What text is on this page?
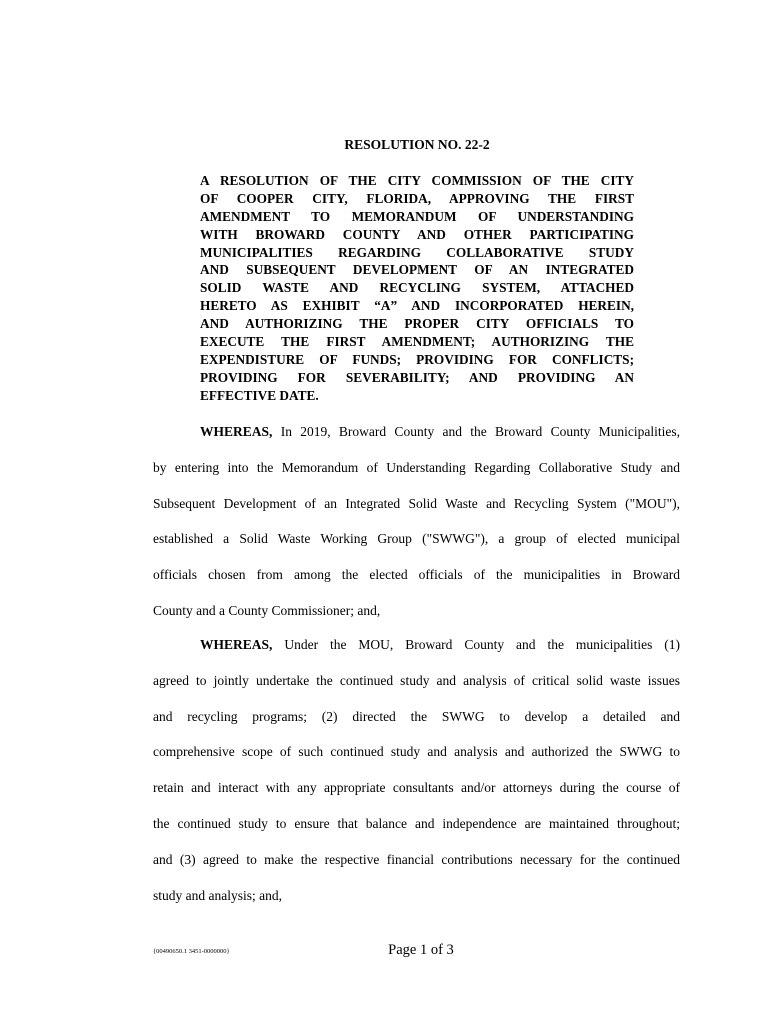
RESOLUTION NO. 22-2
A RESOLUTION OF THE CITY COMMISSION OF THE CITY
OF COOPER CITY, FLORIDA, APPROVING THE FIRST
AMENDMENT TO MEMORANDUM OF UNDERSTANDING
WITH BROWARD COUNTY AND OTHER PARTICIPATING
MUNICIPALITIES REGARDING COLLABORATIVE STUDY
AND SUBSEQUENT DEVELOPMENT OF AN INTEGRATED
SOLID WASTE AND RECYCLING SYSTEM, ATTACHED
HERETO AS EXHIBIT “A” AND INCORPORATED HEREIN,
AND AUTHORIZING THE PROPER CITY OFFICIALS TO
EXECUTE THE FIRST AMENDMENT; AUTHORIZING THE
EXPENDISTURE OF FUNDS; PROVIDING FOR CONFLICTS;
PROVIDING FOR SEVERABILITY; AND PROVIDING AN
EFFECTIVE DATE.
WHEREAS, In 2019, Broward County and the Broward County Municipalities,
by entering into the Memorandum of Understanding Regarding Collaborative Study and
Subsequent Development of an Integrated Solid Waste and Recycling System ("MOU"),
established a Solid Waste Working Group ("SWWG"), a group of elected municipal
officials chosen from among the elected officials of the municipalities in Broward
County and a County Commissioner; and,
WHEREAS, Under the MOU, Broward County and the municipalities (1)
agreed to jointly undertake the continued study and analysis of critical solid waste issues
and recycling programs; (2) directed the SWWG to develop a detailed and
comprehensive scope of such continued study and analysis and authorized the SWWG to
retain and interact with any appropriate consultants and/or attorneys during the course of
the continued study to ensure that balance and independence are maintained throughout;
and (3) agreed to make the respective financial contributions necessary for the continued
study and analysis; and,
{00490650.1 3451-0000000}	Page 1 of 3
